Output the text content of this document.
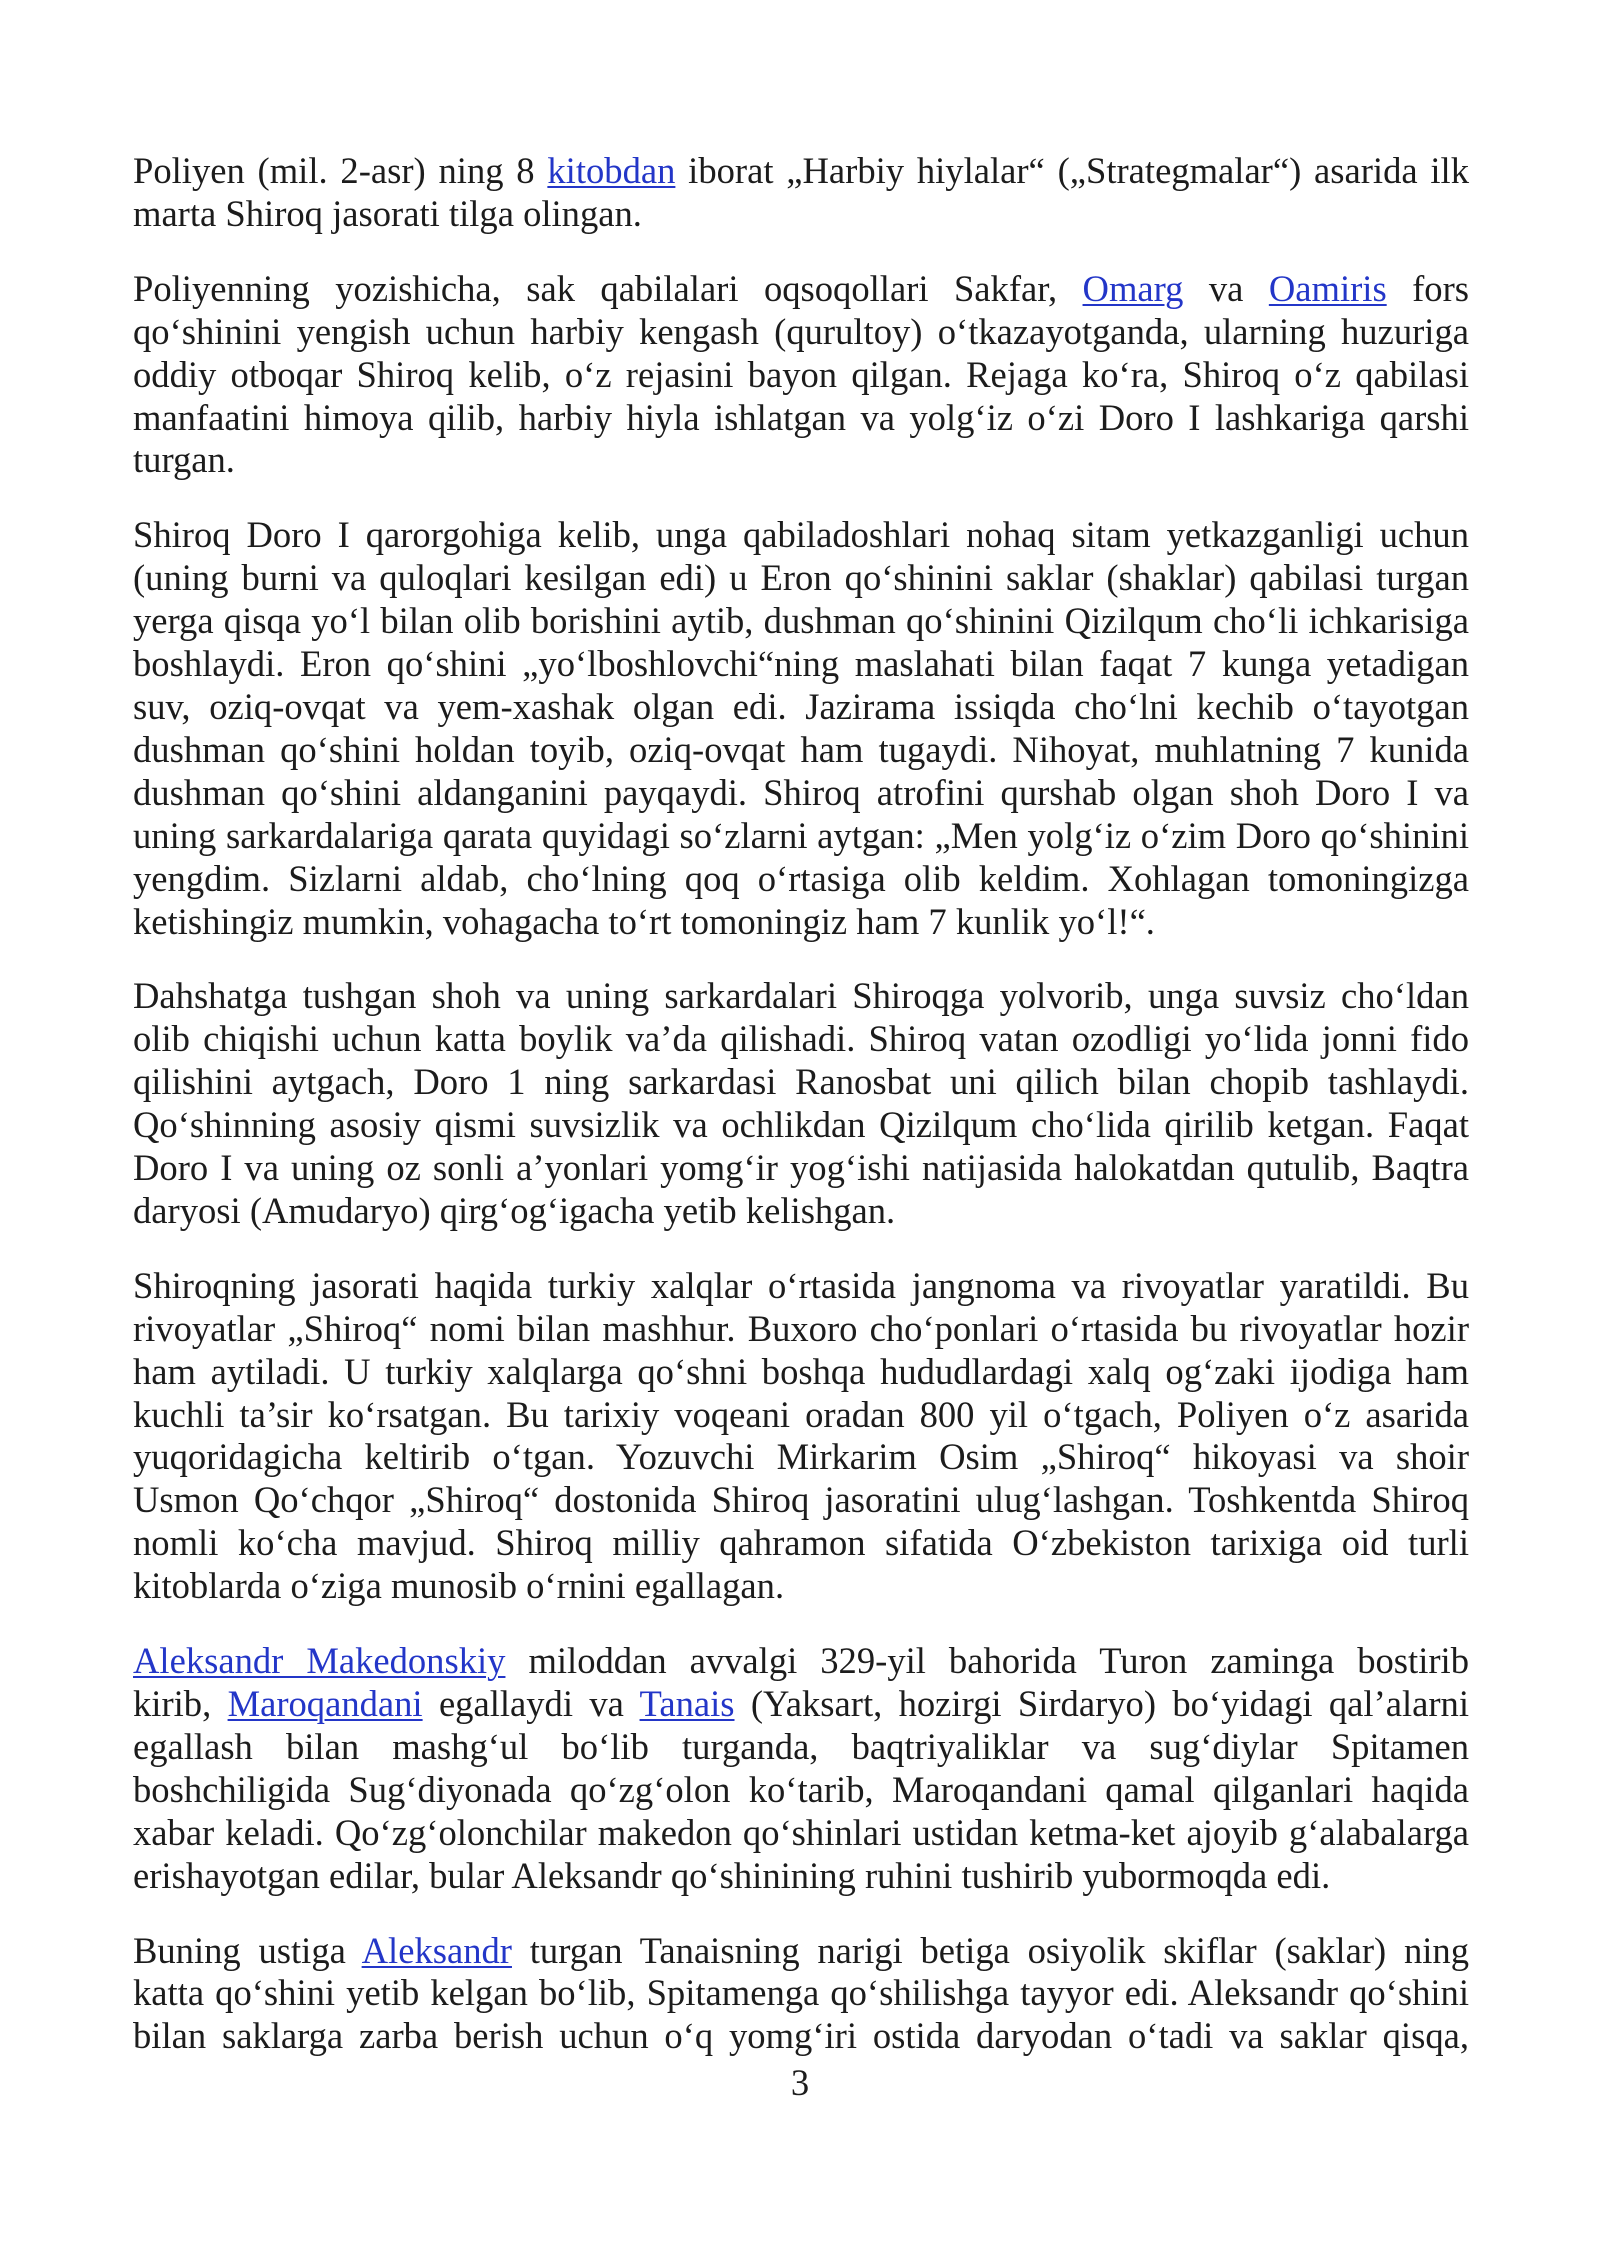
Poliyen (mil. 2-asr) ning 8 kitobdan iborat „Harbiy hiylalar“ („Strategmalar“) asarida ilk
marta Shiroq jasorati tilga olingan.
Poliyenning yozishicha, sak qabilalari oqsoqollari Sakfar, Omarg va Oamiris fors
qo‘shinini yengish uchun harbiy kengash (qurultoy) o‘tkazayotganda, ularning huzuriga
oddiy otboqar Shiroq kelib, o‘z rejasini bayon qilgan. Rejaga ko‘ra, Shiroq o‘z qabilasi
manfaatini himoya qilib, harbiy hiyla ishlatgan va yolg‘iz o‘zi Doro I lashkariga qarshi
turgan.
Shiroq Doro I qarorgohiga kelib, unga qabiladoshlari nohaq sitam yetkazganligi uchun
(uning burni va quloqlari kesilgan edi) u Eron qo‘shinini saklar (shaklar) qabilasi turgan
yerga qisqa yo‘l bilan olib borishini aytib, dushman qo‘shinini Qizilqum cho‘li ichkarisiga
boshlaydi. Eron qo‘shini „yo‘lboshlovchi“ning maslahati bilan faqat 7 kunga yetadigan
suv, oziq-ovqat va yem-xashak olgan edi. Jazirama issiqda cho‘lni kechib o‘tayotgan
dushman qo‘shini holdan toyib, oziq-ovqat ham tugaydi. Nihoyat, muhlatning 7 kunida
dushman qo‘shini aldanganini payqaydi. Shiroq atrofini qurshab olgan shoh Doro I va
uning sarkardalariga qarata quyidagi so‘zlarni aytgan: „Men yolg‘iz o‘zim Doro qo‘shinini
yengdim. Sizlarni aldab, cho‘lning qoq o‘rtasiga olib keldim. Xohlagan tomoningizga
ketishingiz mumkin, vohagacha to‘rt tomoningiz ham 7 kunlik yo‘l!“.
Dahshatga tushgan shoh va uning sarkardalari Shiroqga yolvorib, unga suvsiz cho‘ldan
olib chiqishi uchun katta boylik va’da qilishadi. Shiroq vatan ozodligi yo‘lida jonni fido
qilishini aytgach, Doro 1 ning sarkardasi Ranosbat uni qilich bilan chopib tashlaydi.
Qo‘shinning asosiy qismi suvsizlik va ochlikdan Qizilqum cho‘lida qirilib ketgan. Faqat
Doro I va uning oz sonli a’yonlari yomg‘ir yog‘ishi natijasida halokatdan qutulib, Baqtra
daryosi (Amudaryo) qirg‘og‘igacha yetib kelishgan.
Shiroqning jasorati haqida turkiy xalqlar o‘rtasida jangnoma va rivoyatlar yaratildi. Bu
rivoyatlar „Shiroq“ nomi bilan mashhur. Buxoro cho‘ponlari o‘rtasida bu rivoyatlar hozir
ham aytiladi. U turkiy xalqlarga qo‘shni boshqa hududlardagi xalq og‘zaki ijodiga ham
kuchli ta’sir ko‘rsatgan. Bu tarixiy voqeani oradan 800 yil o‘tgach, Poliyen o‘z asarida
yuqoridagicha keltirib o‘tgan. Yozuvchi Mirkarim Osim „Shiroq“ hikoyasi va shoir
Usmon Qo‘chqor „Shiroq“ dostonida Shiroq jasoratini ulug‘lashgan. Toshkentda Shiroq
nomli ko‘cha mavjud. Shiroq milliy qahramon sifatida O‘zbekiston tarixiga oid turli
kitoblarda o‘ziga munosib o‘rnini egallagan.
Aleksandr Makedonskiy miloddan avvalgi 329-yil bahorida Turon zaminga bostirib
kirib, Maroqandani egallaydi va Tanais (Yaksart, hozirgi Sirdaryo) bo‘yidagi qal’alarni
egallash bilan mashg‘ul bo‘lib turganda, baqtriyaliklar va sug‘diylar Spitamen
boshchiligida Sug‘diyonada qo‘zg‘olon ko‘tarib, Maroqandani qamal qilganlari haqida
xabar keladi. Qo‘zg‘olonchilar makedon qo‘shinlari ustidan ketma-ket ajoyib g‘alabalarga
erishayotgan edilar, bular Aleksandr qo‘shinining ruhini tushirib yubormoqda edi.
Buning ustiga Aleksandr turgan Tanaisning narigi betiga osiyolik skiflar (saklar) ning
katta qo‘shini yetib kelgan bo‘lib, Spitamenga qo‘shilishga tayyor edi. Aleksandr qo‘shini
bilan saklarga zarba berish uchun o‘q yomg‘iri ostida daryodan o‘tadi va saklar qisqa,
3
